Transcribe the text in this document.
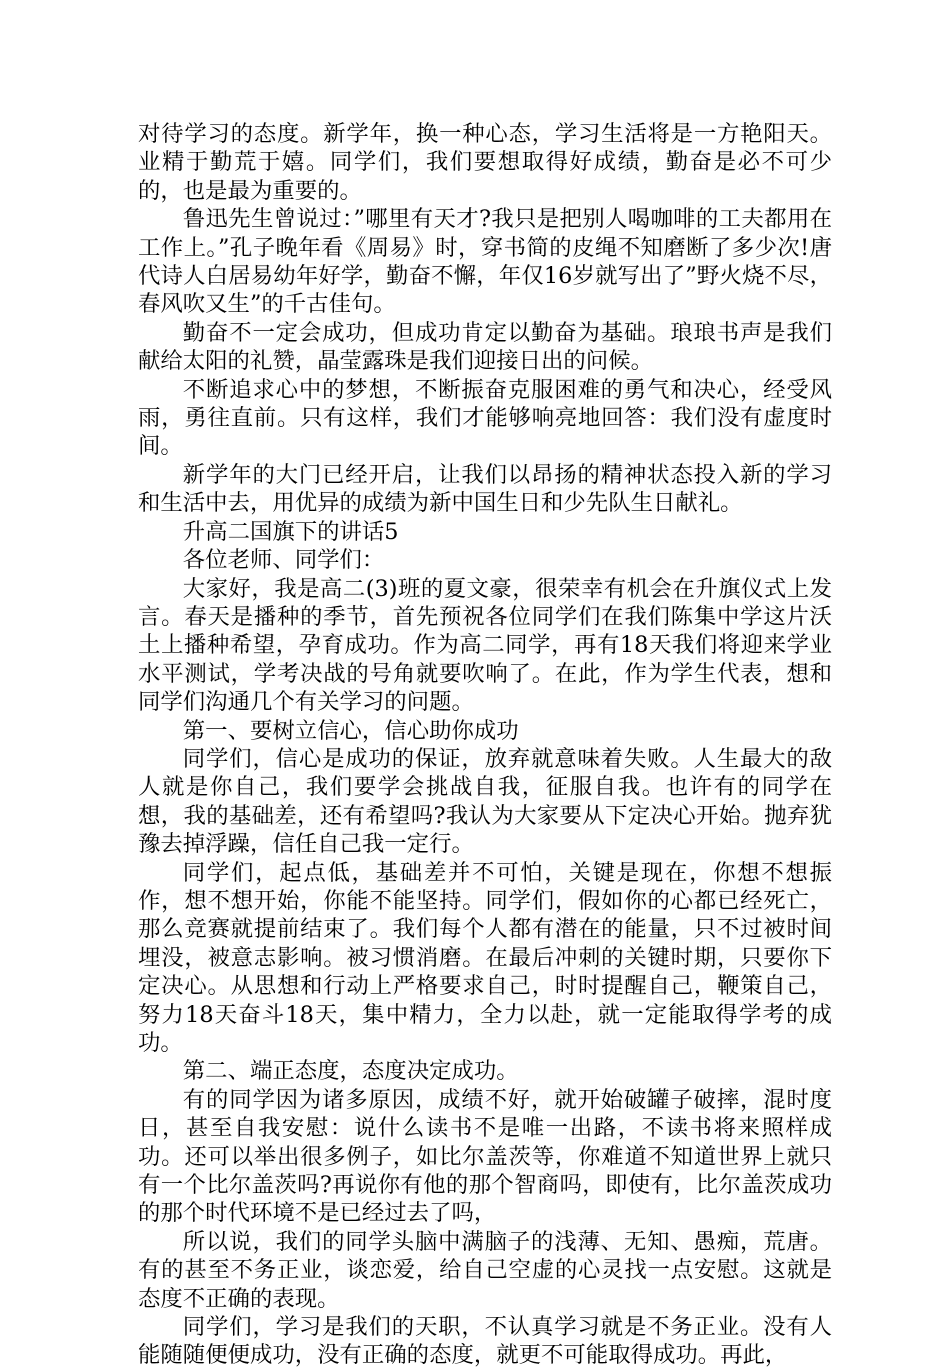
对待学习的态度。新学年，换一种心态，学习生活将是一方艳阳天。业精于勤荒于嬉。同学们，我们要想取得好成绩，勤奋是必不可少的，也是最为重要的。

鲁迅先生曾说过：”哪里有天才?我只是把别人喝咖啡的工夫都用在工作上。”孔子晚年看《周易》时，穿书简的皮绳不知磨断了多少次!唐代诗人白居易幼年好学，勤奋不懈，年仅16岁就写出了”野火烧不尽，春风吹又生”的千古佳句。

勤奋不一定会成功，但成功肯定以勤奋为基础。琅琅书声是我们献给太阳的礼赞，晶莹露珠是我们迎接日出的问候。

不断追求心中的梦想，不断振奋克服困难的勇气和决心，经受风雨，勇往直前。只有这样，我们才能够响亮地回答：我们没有虚度时间。

新学年的大门已经开启，让我们以昂扬的精神状态投入新的学习和生活中去，用优异的成绩为新中国生日和少先队生日献礼。

升高二国旗下的讲话5

各位老师、同学们：

大家好，我是高二(3)班的夏文豪，很荣幸有机会在升旗仪式上发言。春天是播种的季节，首先预祝各位同学们在我们陈集中学这片沃土上播种希望，孕育成功。作为高二同学，再有18天我们将迎来学业水平测试，学考决战的号角就要吹响了。在此，作为学生代表，想和同学们沟通几个有关学习的问题。

第一、要树立信心，信心助你成功

同学们，信心是成功的保证，放弃就意味着失败。人生最大的敌人就是你自己，我们要学会挑战自我，征服自我。也许有的同学在想，我的基础差，还有希望吗?我认为大家要从下定决心开始。抛弃犹豫去掉浮躁，信任自己我一定行。

同学们，起点低，基础差并不可怕，关键是现在，你想不想振作，想不想开始，你能不能坚持。同学们，假如你的心都已经死亡，那么竞赛就提前结束了。我们每个人都有潜在的能量，只不过被时间埋没，被意志影响。被习惯消磨。在最后冲刺的关键时期，只要你下定决心。从思想和行动上严格要求自己，时时提醒自己，鞭策自己，努力18天奋斗18天，集中精力，全力以赴，就一定能取得学考的成功。

第二、端正态度，态度决定成功。

有的同学因为诸多原因，成绩不好，就开始破罐子破摔，混时度日，甚至自我安慰：说什么读书不是唯一出路，不读书将来照样成功。还可以举出很多例子，如比尔盖茨等，你难道不知道世界上就只有一个比尔盖茨吗?再说你有他的那个智商吗，即使有，比尔盖茨成功的那个时代环境不是已经过去了吗，

所以说，我们的同学头脑中满脑子的浅薄、无知、愚痴，荒唐。有的甚至不务正业，谈恋爱，给自己空虚的心灵找一点安慰。这就是态度不正确的表现。

同学们，学习是我们的天职，不认真学习就是不务正业。没有人能随随便便成功，没有正确的态度，就更不可能取得成功。再此，
